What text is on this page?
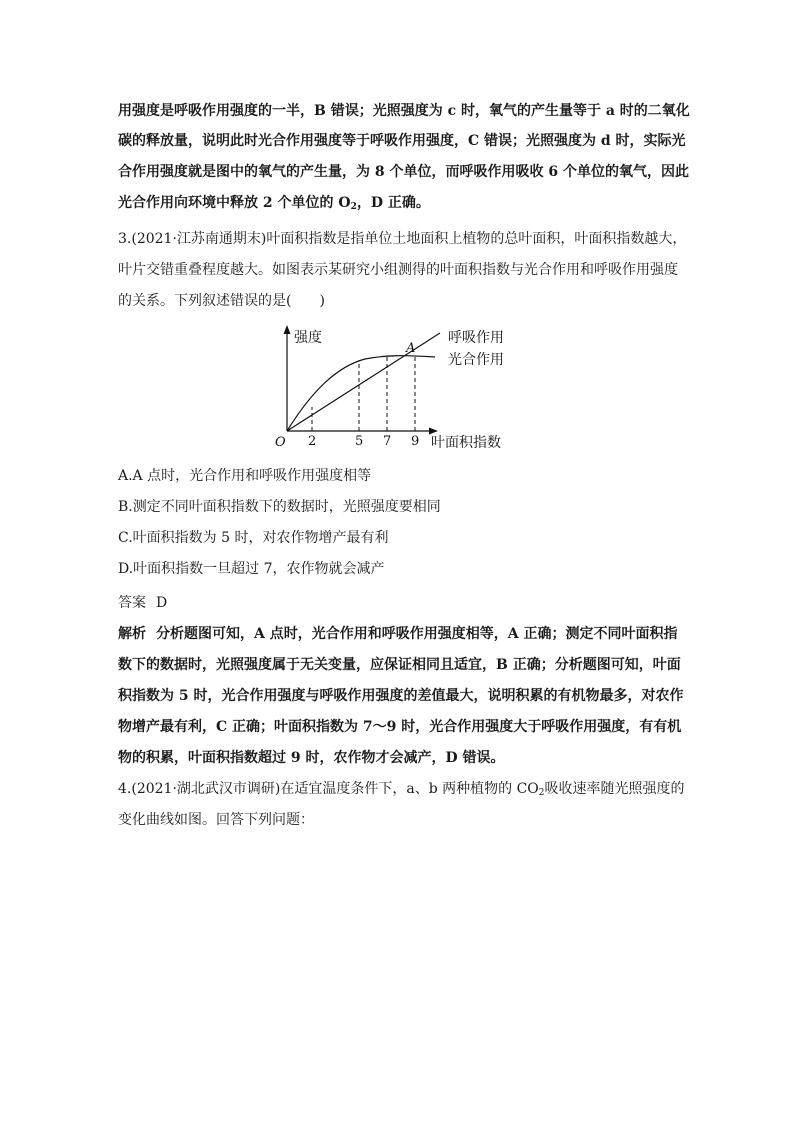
用强度是呼吸作用强度的一半，B 错误；光照强度为 c 时，氧气的产生量等于 a 时的二氧化
碳的释放量，说明此时光合作用强度等于呼吸作用强度，C 错误；光照强度为 d 时，实际光
合作用强度就是图中的氧气的产生量，为 8 个单位，而呼吸作用吸收 6 个单位的氧气，因此
光合作用向环境中释放 2 个单位的 $O_2$，D 正确。
3.(2021·江苏南通期末)叶面积指数是指单位土地面积上植物的总叶面积，叶面积指数越大，
叶片交错重叠程度越大。如图表示某研究小组测得的叶面积指数与光合作用和呼吸作用强度
的关系。下列叙述错误的是(　　)
强度
叶面积指数
O
A
呼吸作用
光合作用
2	5 7 9
A.A 点时，光合作用和呼吸作用强度相等
B.测定不同叶面积指数下的数据时，光照强度要相同
C.叶面积指数为 5 时，对农作物增产最有利
D.叶面积指数一旦超过 7，农作物就会减产
答案 D
解析 分析题图可知，A 点时，光合作用和呼吸作用强度相等，A 正确；测定不同叶面积指
数下的数据时，光照强度属于无关变量，应保证相同且适宜，B 正确；分析题图可知，叶面
积指数为 5 时，光合作用强度与呼吸作用强度的差值最大，说明积累的有机物最多，对农作
物增产最有利，C 正确；叶面积指数为 7～9 时，光合作用强度大于呼吸作用强度，有有机
物的积累，叶面积指数超过 9 时，农作物才会减产，D 错误。
4.(2021·湖北武汉市调研)在适宜温度条件下，a、b 两种植物的 $CO_2$吸收速率随光照强度的
变化曲线如图。回答下列问题：
